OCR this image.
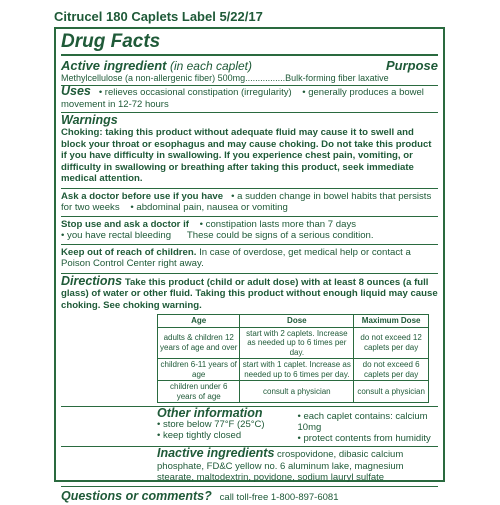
Citrucel 180 Caplets Label 5/22/17
Drug Facts
Active ingredient (in each caplet)	Purpose
Methylcellulose (a non-allergenic fiber) 500mg ................ Bulk-forming fiber laxative
Uses • relieves occasional constipation (irregularity) • generally produces a bowel movement in 12-72 hours
Warnings
Choking: taking this product without adequate fluid may cause it to swell and block your throat or esophagus and may cause choking. Do not take this product if you have difficulty in swallowing. If you experience chest pain, vomiting, or difficulty in swallowing or breathing after taking this product, seek immediate medical attention.
Ask a doctor before use if you have • a sudden change in bowel habits that persists for two weeks • abdominal pain, nausea or vomiting
Stop use and ask a doctor if • constipation lasts more than 7 days
• you have rectal bleeding These could be signs of a serious condition.
Keep out of reach of children. In case of overdose, get medical help or contact a Poison Control Center right away.
Directions Take this product (child or adult dose) with at least 8 ounces (a full glass) of water or other fluid. Taking this product without enough liquid may cause choking. See choking warning.
Age	Dose	Maximum Dose
adults & children 12 years of age and over	start with 2 caplets. Increase as needed up to 6 times per day.	do not exceed 12 caplets per day
children 6-11 years of age	start with 1 caplet. Increase as needed up to 6 times per day.	do not exceed 6 caplets per day
children under 6 years of age	consult a physician	consult a physician
Other information
• store below 77°F (25°C)
• keep tightly closed
• each caplet contains: calcium 10mg
• protect contents from humidity
Inactive ingredients crospovidone, dibasic calcium phosphate, FD&C yellow no. 6 aluminum lake, magnesium stearate, maltodextrin, povidone, sodium lauryl sulfate
Questions or comments? call toll-free 1-800-897-6081
